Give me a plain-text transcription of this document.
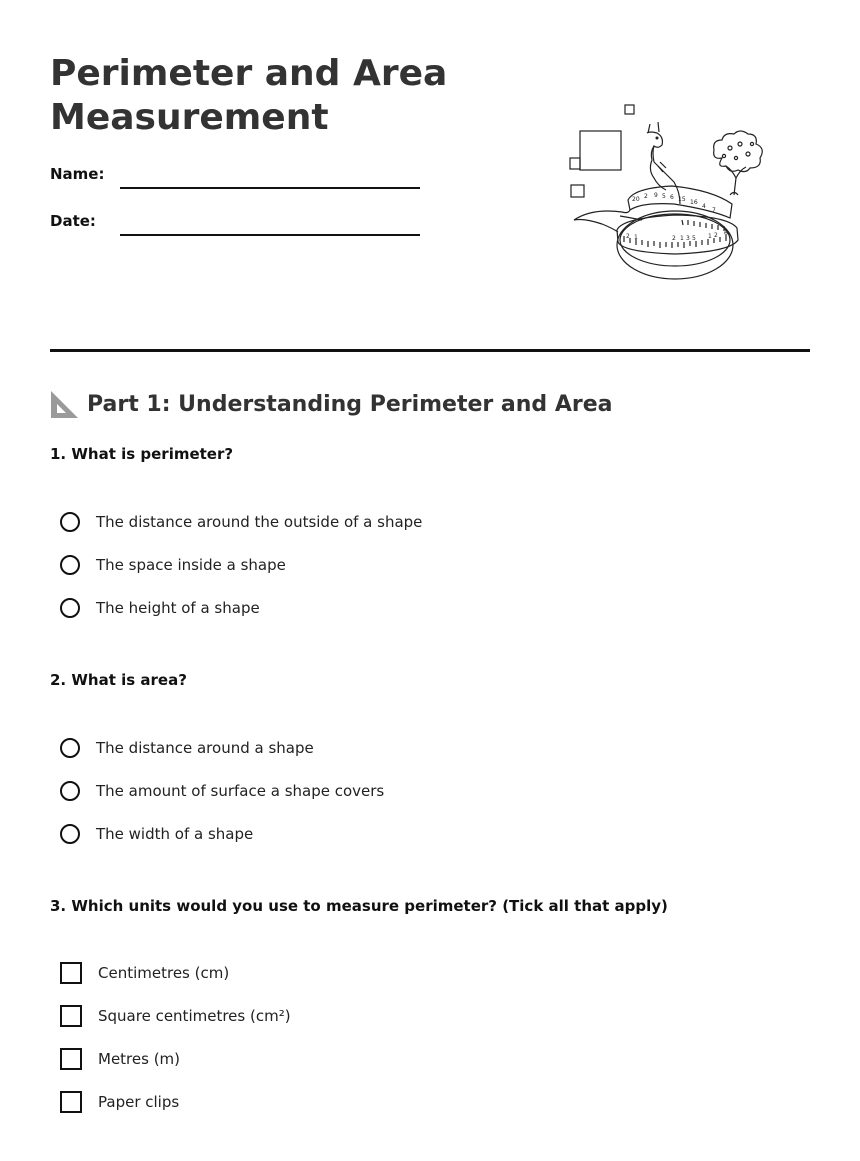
Perimeter and Area
Measurement
Name:
Date:
20 2 9 5 6 15 16
4
7
2 1	2 1 3 5 1 2 6
Part 1: Understanding Perimeter and Area
1. What is perimeter?
The distance around the outside of a shape
The space inside a shape
The height of a shape
2. What is area?
The distance around a shape
The amount of surface a shape covers
The width of a shape
3. Which units would you use to measure perimeter? (Tick all that apply)
Centimetres (cm)
Square centimetres (cm²)
Metres (m)
Paper clips
